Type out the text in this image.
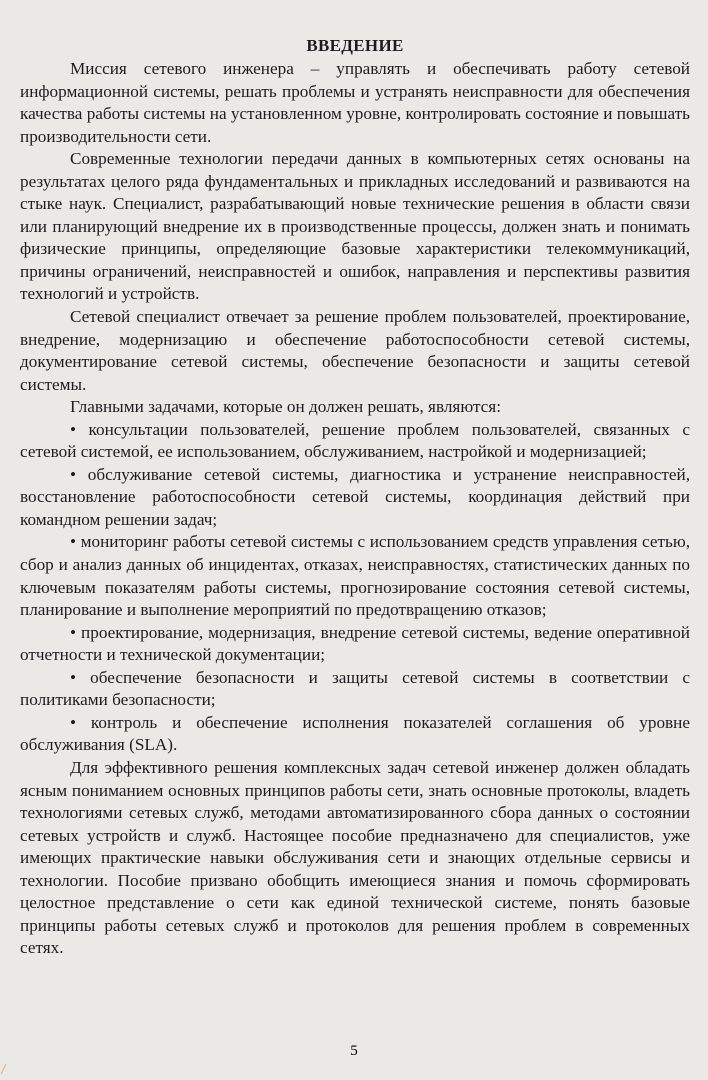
ВВЕДЕНИЕ

Миссия сетевого инженера – управлять и обеспечивать работу сетевой информационной системы, решать проблемы и устранять неисправности для обеспечения качества работы системы на установленном уровне, контролировать состояние и повышать производительности сети.

Современные технологии передачи данных в компьютерных сетях основаны на результатах целого ряда фундаментальных и прикладных исследований и развиваются на стыке наук. Специалист, разрабатывающий новые технические решения в области связи или планирующий внедрение их в производственные процессы, должен знать и понимать физические принципы, определяющие базовые характеристики телекоммуникаций, причины ограничений, неисправностей и ошибок, направления и перспективы развития технологий и устройств.

Сетевой специалист отвечает за решение проблем пользователей, проектирование, внедрение, модернизацию и обеспечение работоспособности сетевой системы, документирование сетевой системы, обеспечение безопасности и защиты сетевой системы.

Главными задачами, которые он должен решать, являются:

• консультации пользователей, решение проблем пользователей, связанных с сетевой системой, ее использованием, обслуживанием, настройкой и модернизацией;

• обслуживание сетевой системы, диагностика и устранение неисправностей, восстановление работоспособности сетевой системы, координация действий при командном решении задач;

• мониторинг работы сетевой системы с использованием средств управления сетью, сбор и анализ данных об инцидентах, отказах, неисправностях, статистических данных по ключевым показателям работы системы, прогнозирование состояния сетевой системы, планирование и выполнение мероприятий по предотвращению отказов;

• проектирование, модернизация, внедрение сетевой системы, ведение оперативной отчетности и технической документации;

• обеспечение безопасности и защиты сетевой системы в соответствии с политиками безопасности;

• контроль и обеспечение исполнения показателей соглашения об уровне обслуживания (SLA).

Для эффективного решения комплексных задач сетевой инженер должен обладать ясным пониманием основных принципов работы сети, знать основные протоколы, владеть технологиями сетевых служб, методами автоматизированного сбора данных о состоянии сетевых устройств и служб. Настоящее пособие предназначено для специалистов, уже имеющих практические навыки обслуживания сети и знающих отдельные сервисы и технологии. Пособие призвано обобщить имеющиеся знания и помочь сформировать целостное представление о сети как единой технической системе, понять базовые принципы работы сетевых служб и протоколов для решения проблем в современных сетях.

5
